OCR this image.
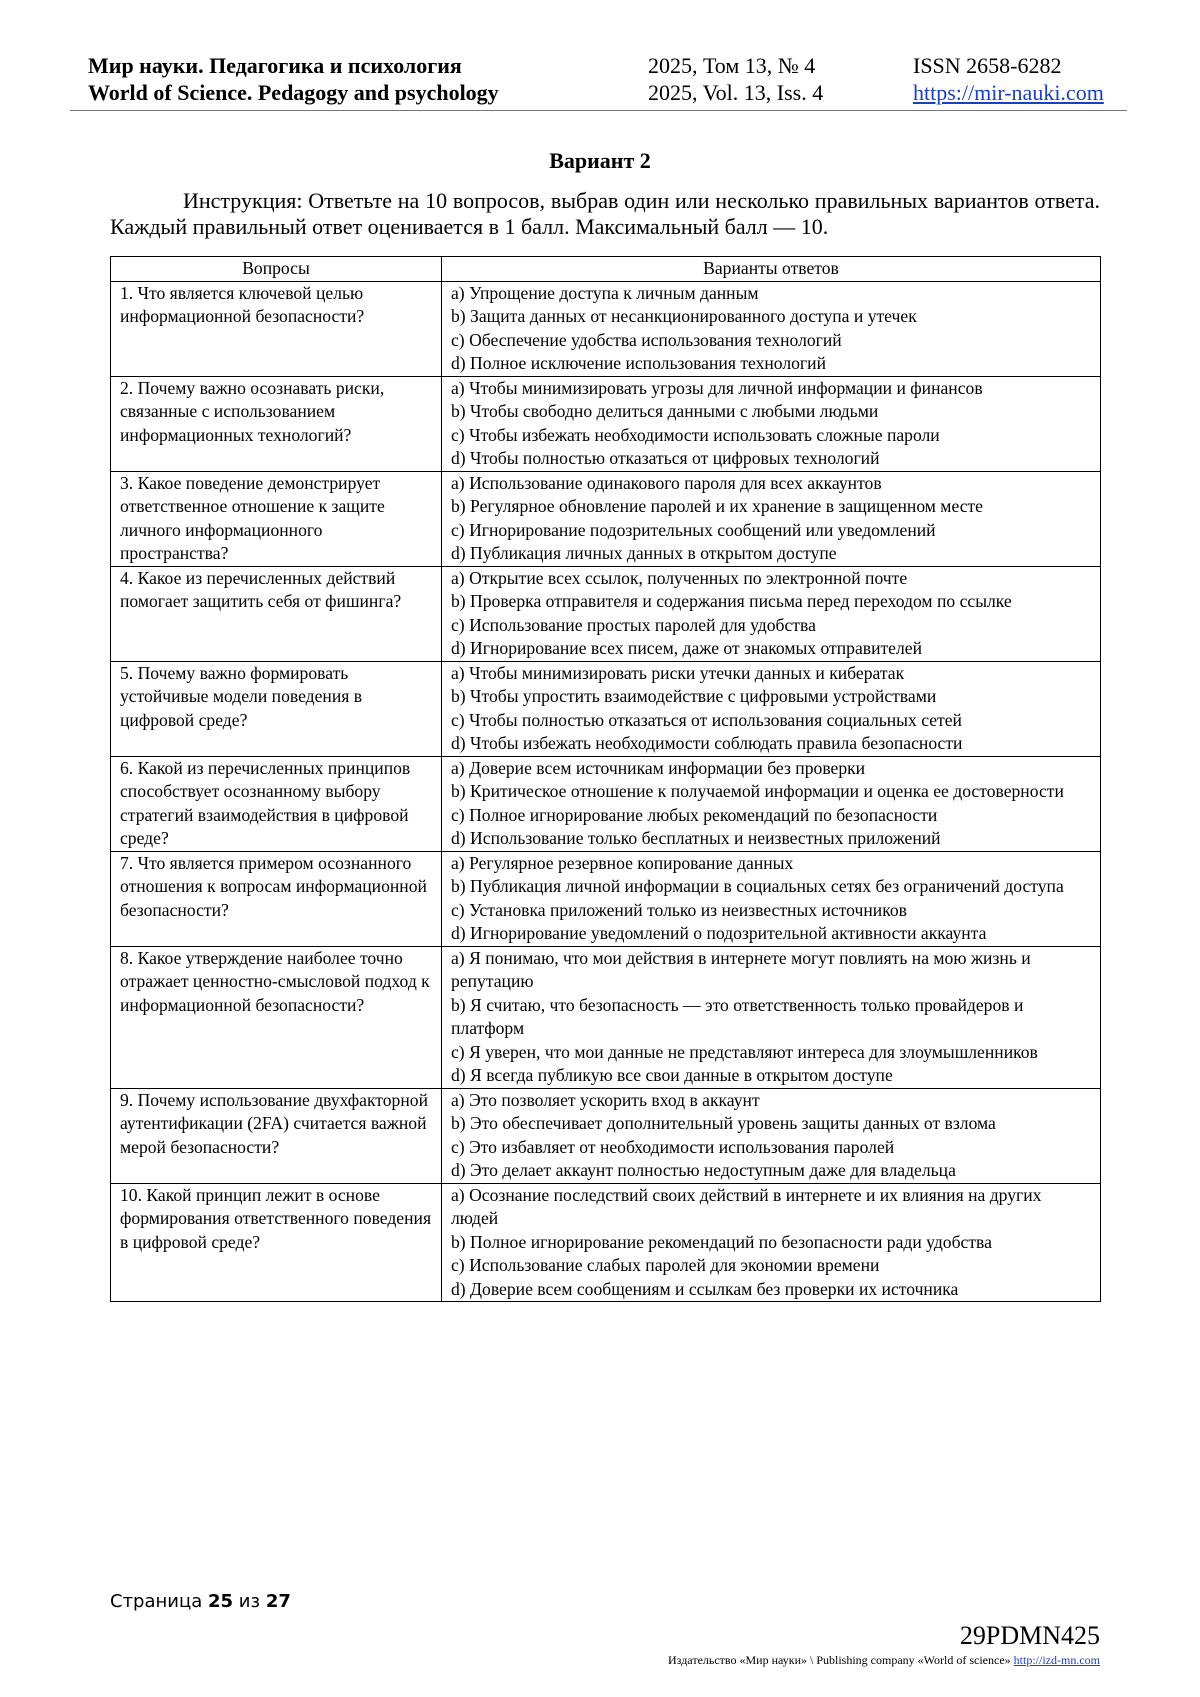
Мир науки. Педагогика и психология
World of Science. Pedagogy and psychology
2025, Том 13, № 4
2025, Vol. 13, Iss. 4
ISSN 2658-6282
https://mir-nauki.com
Вариант 2
Инструкция: Ответьте на 10 вопросов, выбрав один или несколько правильных вариантов ответа. Каждый правильный ответ оценивается в 1 балл. Максимальный балл — 10.
Вопросы	Варианты ответов
1. Что является ключевой целью информационной безопасности?	a) Упрощение доступа к личным данным
b) Защита данных от несанкционированного доступа и утечек
c) Обеспечение удобства использования технологий
d) Полное исключение использования технологий

2. Почему важно осознавать риски, связанные с использованием информационных технологий?	a) Чтобы минимизировать угрозы для личной информации и финансов
b) Чтобы свободно делиться данными с любыми людьми
c) Чтобы избежать необходимости использовать сложные пароли
d) Чтобы полностью отказаться от цифровых технологий

3. Какое поведение демонстрирует ответственное отношение к защите личного информационного пространства?	a) Использование одинакового пароля для всех аккаунтов
b) Регулярное обновление паролей и их хранение в защищенном месте
c) Игнорирование подозрительных сообщений или уведомлений
d) Публикация личных данных в открытом доступе

4. Какое из перечисленных действий помогает защитить себя от фишинга?	a) Открытие всех ссылок, полученных по электронной почте
b) Проверка отправителя и содержания письма перед переходом по ссылке
c) Использование простых паролей для удобства
d) Игнорирование всех писем, даже от знакомых отправителей

5. Почему важно формировать устойчивые модели поведения в цифровой среде?	a) Чтобы минимизировать риски утечки данных и кибератак
b) Чтобы упростить взаимодействие с цифровыми устройствами
c) Чтобы полностью отказаться от использования социальных сетей
d) Чтобы избежать необходимости соблюдать правила безопасности

6. Какой из перечисленных принципов способствует осознанному выбору стратегий взаимодействия в цифровой среде?	a) Доверие всем источникам информации без проверки
b) Критическое отношение к получаемой информации и оценка ее достоверности
c) Полное игнорирование любых рекомендаций по безопасности
d) Использование только бесплатных и неизвестных приложений

7. Что является примером осознанного отношения к вопросам информационной безопасности?	a) Регулярное резервное копирование данных
b) Публикация личной информации в социальных сетях без ограничений доступа
c) Установка приложений только из неизвестных источников
d) Игнорирование уведомлений о подозрительной активности аккаунта

8. Какое утверждение наиболее точно отражает ценностно-смысловой подход к информационной безопасности?	a) Я понимаю, что мои действия в интернете могут повлиять на мою жизнь и репутацию
b) Я считаю, что безопасность — это ответственность только провайдеров и платформ
c) Я уверен, что мои данные не представляют интереса для злоумышленников
d) Я всегда публикую все свои данные в открытом доступе

9. Почему использование двухфакторной аутентификации (2FA) считается важной мерой безопасности?	a) Это позволяет ускорить вход в аккаунт
b) Это обеспечивает дополнительный уровень защиты данных от взлома
c) Это избавляет от необходимости использования паролей
d) Это делает аккаунт полностью недоступным даже для владельца

10. Какой принцип лежит в основе формирования ответственного поведения в цифровой среде?	a) Осознание последствий своих действий в интернете и их влияния на других людей
b) Полное игнорирование рекомендаций по безопасности ради удобства
c) Использование слабых паролей для экономии времени
d) Доверие всем сообщениям и ссылкам без проверки их источника
Страница 25 из 27
29PDMN425
Издательство «Мир науки» \ Publishing company «World of science» http://izd-mn.com
